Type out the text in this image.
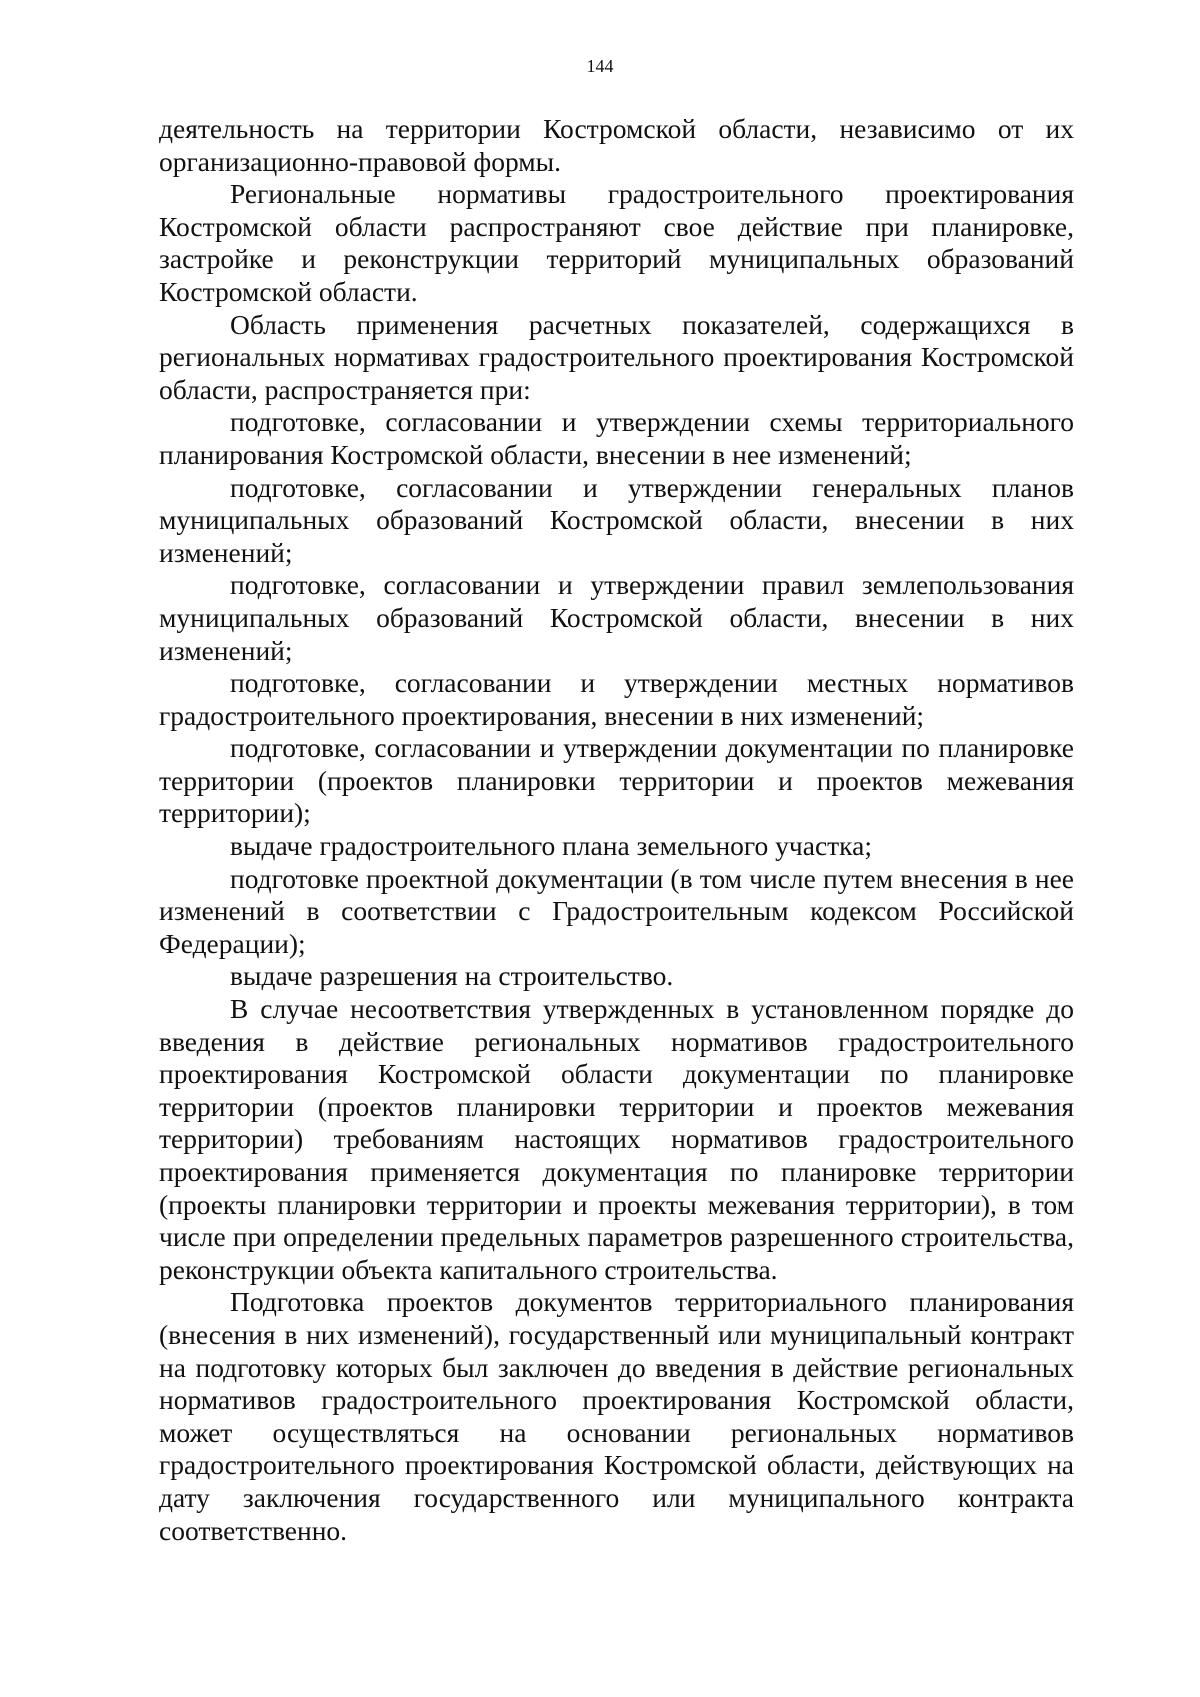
144

деятельность на территории Костромской области, независимо от их организационно-правовой формы.

Региональные нормативы градостроительного проектирования Костромской области распространяют свое действие при планировке, застройке и реконструкции территорий муниципальных образований Костромской области.

Область применения расчетных показателей, содержащихся в региональных нормативах градостроительного проектирования Костромской области, распространяется при:

подготовке, согласовании и утверждении схемы территориального планирования Костромской области, внесении в нее изменений;

подготовке, согласовании и утверждении генеральных планов муниципальных образований Костромской области, внесении в них изменений;

подготовке, согласовании и утверждении правил землепользования муниципальных образований Костромской области, внесении в них изменений;

подготовке, согласовании и утверждении местных нормативов градостроительного проектирования, внесении в них изменений;

подготовке, согласовании и утверждении документации по планировке территории (проектов планировки территории и проектов межевания территории);

выдаче градостроительного плана земельного участка;

подготовке проектной документации (в том числе путем внесения в нее изменений в соответствии с Градостроительным кодексом Российской Федерации);

выдаче разрешения на строительство.

В случае несоответствия утвержденных в установленном порядке до введения в действие региональных нормативов градостроительного проектирования Костромской области документации по планировке территории (проектов планировки территории и проектов межевания территории) требованиям настоящих нормативов градостроительного проектирования применяется документация по планировке территории (проекты планировки территории и проекты межевания территории), в том числе при определении предельных параметров разрешенного строительства, реконструкции объекта капитального строительства.

Подготовка проектов документов территориального планирования (внесения в них изменений), государственный или муниципальный контракт на подготовку которых был заключен до введения в действие региональных нормативов градостроительного проектирования Костромской области, может осуществляться на основании региональных нормативов градостроительного проектирования Костромской области, действующих на дату заключения государственного или муниципального контракта соответственно.
